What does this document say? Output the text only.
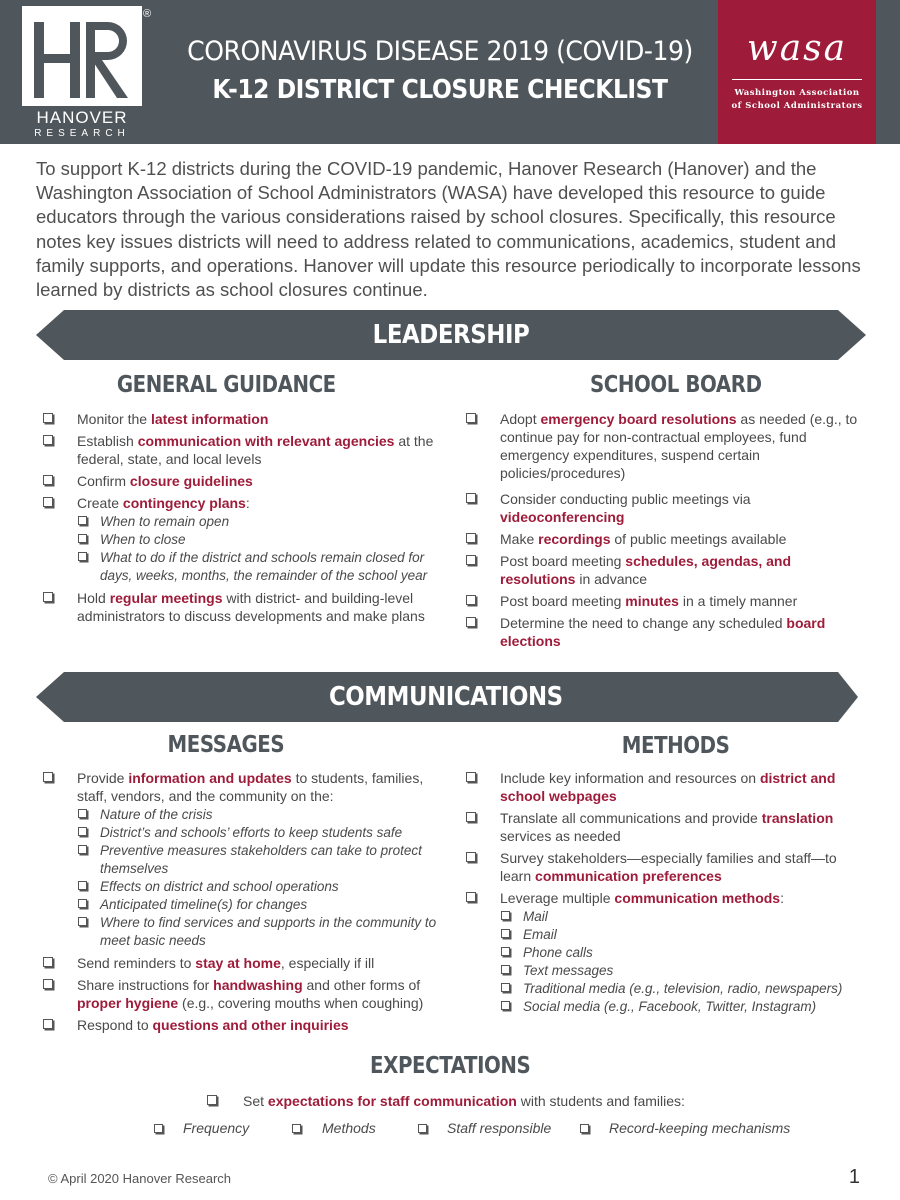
HANOVER
RESEARCH
®
CORONAVIRUS DISEASE 2019 (COVID-19)
K-12 DISTRICT CLOSURE CHECKLIST
wasa
Washington Association
of School Administrators

To support K-12 districts during the COVID-19 pandemic, Hanover Research (Hanover) and the Washington Association of School Administrators (WASA) have developed this resource to guide educators through the various considerations raised by school closures. Specifically, this resource notes key issues districts will need to address related to communications, academics, student and family supports, and operations. Hanover will update this resource periodically to incorporate lessons learned by districts as school closures continue.

LEADERSHIP
GENERAL GUIDANCE	SCHOOL BOARD
Monitor the latest information
Establish communication with relevant agencies at the federal, state, and local levels
Confirm closure guidelines
Create contingency plans:
When to remain open
When to close
What to do if the district and schools remain closed for days, weeks, months, the remainder of the school year
Hold regular meetings with district- and building-level administrators to discuss developments and make plans
Adopt emergency board resolutions as needed (e.g., to continue pay for non-contractual employees, fund emergency expenditures, suspend certain policies/procedures)
Consider conducting public meetings via videoconferencing
Make recordings of public meetings available
Post board meeting schedules, agendas, and resolutions in advance
Post board meeting minutes in a timely manner
Determine the need to change any scheduled board elections
COMMUNICATIONS
MESSAGES	METHODS
Provide information and updates to students, families, staff, vendors, and the community on the:
Nature of the crisis
District’s and schools’ efforts to keep students safe
Preventive measures stakeholders can take to protect themselves
Effects on district and school operations
Anticipated timeline(s) for changes
Where to find services and supports in the community to meet basic needs
Send reminders to stay at home, especially if ill
Share instructions for handwashing and other forms of proper hygiene (e.g., covering mouths when coughing)
Respond to questions and other inquiries
Include key information and resources on district and school webpages
Translate all communications and provide translation services as needed
Survey stakeholders—especially families and staff—to learn communication preferences
Leverage multiple communication methods:
Mail
Email
Phone calls
Text messages
Traditional media (e.g., television, radio, newspapers)
Social media (e.g., Facebook, Twitter, Instagram)
EXPECTATIONS
Set expectations for staff communication with students and families:
Frequency	Methods	Staff responsible	Record-keeping mechanisms
© April 2020 Hanover Research	1
